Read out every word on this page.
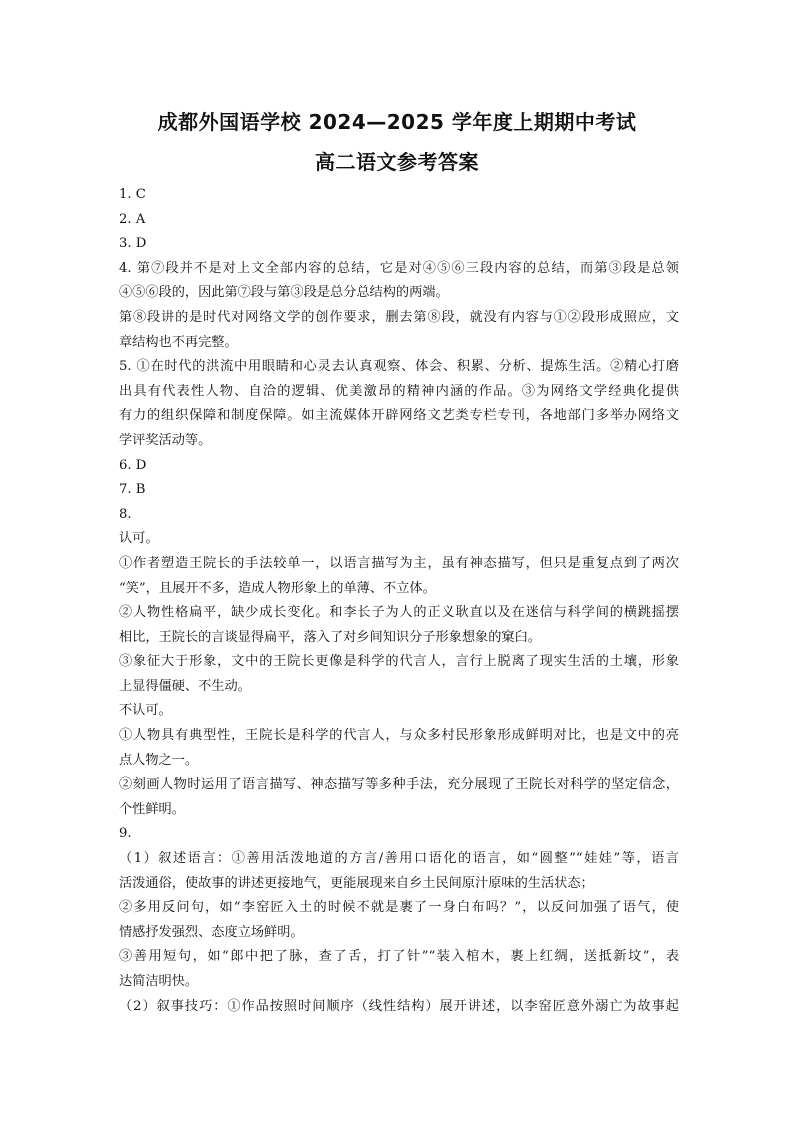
成都外国语学校 2024—2025 学年度上期期中考试
高二语文参考答案
1. C
2. A
3. D
4. 第⑦段并不是对上文全部内容的总结，它是对④⑤⑥三段内容的总结，而第③段是总领
④⑤⑥段的，因此第⑦段与第③段是总分总结构的两端。
第⑧段讲的是时代对网络文学的创作要求，删去第⑧段，就没有内容与①②段形成照应，文
章结构也不再完整。
5. ①在时代的洪流中用眼睛和心灵去认真观察、体会、积累、分析、提炼生活。②精心打磨
出具有代表性人物、自洽的逻辑、优美激昂的精神内涵的作品。③为网络文学经典化提供
有力的组织保障和制度保障。如主流媒体开辟网络文艺类专栏专刊，各地部门多举办网络文
学评奖活动等。
6. D
7. B
8.
认可。
①作者塑造王院长的手法较单一，以语言描写为主，虽有神态描写，但只是重复点到了两次
“笑”，且展开不多，造成人物形象上的单薄、不立体。
②人物性格扁平，缺少成长变化。和李长子为人的正义耿直以及在迷信与科学间的横跳摇摆
相比，王院长的言谈显得扁平，落入了对乡间知识分子形象想象的窠臼。
③象征大于形象，文中的王院长更像是科学的代言人，言行上脱离了现实生活的土壤，形象
上显得僵硬、不生动。
不认可。
①人物具有典型性，王院长是科学的代言人，与众多村民形象形成鲜明对比，也是文中的亮
点人物之一。
②刻画人物时运用了语言描写、神态描写等多种手法，充分展现了王院长对科学的坚定信念，
个性鲜明。
9.
（1）叙述语言：①善用活泼地道的方言/善用口语化的语言，如“圆整”“娃娃”等，语言
活泼通俗，使故事的讲述更接地气，更能展现来自乡土民间原汁原味的生活状态；
②多用反问句，如“李窑匠入土的时候不就是裹了一身白布吗？”，以反问加强了语气，使
情感抒发强烈、态度立场鲜明。
③善用短句，如“郎中把了脉，查了舌，打了针”“装入棺木，裹上红绸，送抵新坟”，表
达简洁明快。
（2）叙事技巧：①作品按照时间顺序（线性结构）展开讲述，以李窑匠意外溺亡为故事起
